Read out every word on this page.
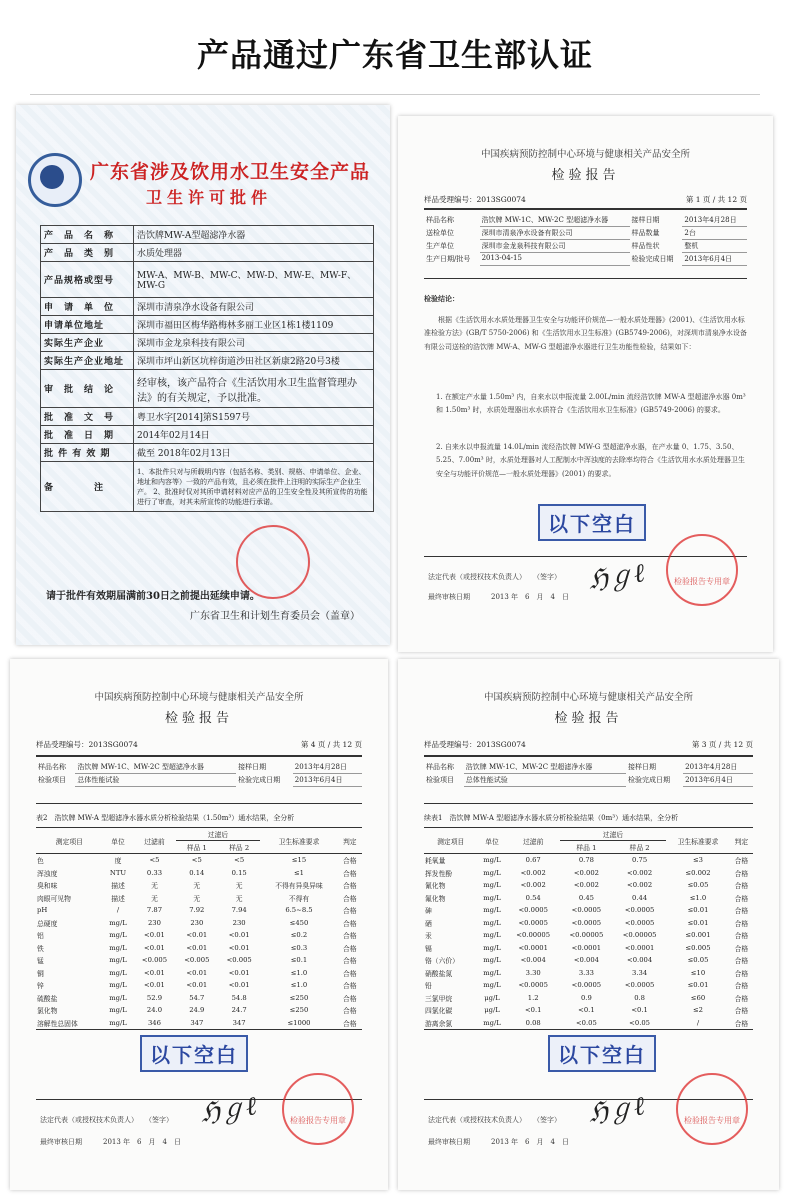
产品通过广东省卫生部认证
广东省涉及饮用水卫生安全产品
卫生许可批件
产　品　名　称	浩饮牌MW-A型超滤净水器
产　品　类　别	水质处理器
产品规格或型号	MW-A、MW-B、MW-C、MW-D、MW-E、MW-F、MW-G
申　请　单　位	深圳市清泉净水设备有限公司
申请单位地址	深圳市福田区梅华路梅林多丽工业区1栋1楼1109
实际生产企业	深圳市金龙泉科技有限公司
实际生产企业地址	深圳市坪山新区坑梓街道沙田社区新康2路20号3楼
审　批　结　论	经审核，该产品符合《生活饮用水卫生监督管理办法》的有关规定，予以批准。
批　准　文　号	粤卫水字[2014]第S1597号
批　准　日　期	2014年02月14日
批 件 有 效 期	截至 2018年02月13日
备　　　　注	1、本批件只对与所载明内容（包括名称、类别、规格、申请单位、企业、地址和内容等）一致的产品有效，且必须在批件上注明的实际生产企业生产。 2、批准时仅对其所申请材料对应产品的卫生安全性及其所宣传的功能进行了审查，对其未所宣传的功能进行承诺。
请于批件有效期届满前30日之前提出延续申请。
广东省卫生和计划生育委员会（盖章）
中国疾病预防控制中心环境与健康相关产品安全所
检验报告
样品受理编号：2013SG0074	第 1 页 / 共 12 页
样品名称	浩饮牌 MW-1C、MW-2C 型超滤净水器	接样日期	2013年4月28日
送检单位	深圳市清泉净水设备有限公司	样品数量	2台
生产单位	深圳市金龙泉科技有限公司	样品性状	整机
生产日期/批号	2013-04-15	检验完成日期	2013年6月4日
检验结论：
根据《生活饮用水水质处理器卫生安全与功能评价规范—一般水质处理器》(2001)、《生活饮用水标准检验方法》(GB/T 5750-2006) 和《生活饮用水卫生标准》(GB5749-2006)，对深圳市清泉净水设备有限公司送检的浩饮牌 MW-A、MW-G 型超滤净水器进行卫生功能性检验，结果如下：
1. 在额定产水量 1.50m³ 内，自来水以申报流量 2.00L/min 流经浩饮牌 MW-A 型超滤净水器 0m³ 和 1.50m³ 时，水质处理器出水水质符合《生活饮用水卫生标准》(GB5749-2006) 的要求。
2. 自来水以申报流量 14.0L/min 流经浩饮牌 MW-G 型超滤净水器，在产水量 0、1.75、3.50、5.25、7.00m³ 时，水质处理器对人工配制水中浑浊度的去除率均符合《生活饮用水水质处理器卫生安全与功能评价规范—一般水质处理器》(2001) 的要求。
以下空白
法定代表（或授权技术负责人）　　（签字） ℌℊℓ
最终审核日期　　　2013 年　6　月　4　日
检验报告专用章
中国疾病预防控制中心环境与健康相关产品安全所
检验报告
样品受理编号：2013SG0074	第 4 页 / 共 12 页
样品名称	浩饮牌 MW-1C、MW-2C 型超滤净水器	接样日期	2013年4月28日
检验项目	总体性能试验	检验完成日期	2013年6月4日
表2　浩饮牌 MW-A 型超滤净水器水质分析检验结果（1.50m³）通水结果，全分析
测定项目	单位	过滤前	过滤后		卫生标准要求	判定
			样品 1	样品 2		
色	度	<5	<5	<5	≤15	合格
浑浊度	NTU	0.33	0.14	0.15	≤1	合格
臭和味	描述	无	无	无	不得有异臭异味	合格
肉眼可见物	描述	无	无	无	不得有	合格
pH	/	7.87	7.92	7.94	6.5~8.5	合格
总硬度	mg/L	230	230	230	≤450	合格
铝	mg/L	<0.01	<0.01	<0.01	≤0.2	合格
铁	mg/L	<0.01	<0.01	<0.01	≤0.3	合格
锰	mg/L	<0.005	<0.005	<0.005	≤0.1	合格
铜	mg/L	<0.01	<0.01	<0.01	≤1.0	合格
锌	mg/L	<0.01	<0.01	<0.01	≤1.0	合格
硫酸盐	mg/L	52.9	54.7	54.8	≤250	合格
氯化物	mg/L	24.0	24.9	24.7	≤250	合格
溶解性总固体	mg/L	346	347	347	≤1000	合格
以下空白
法定代表（或授权技术负责人）　　（签字） ℌℊℓ
最终审核日期　　　2013 年　6　月　4　日
检验报告专用章
中国疾病预防控制中心环境与健康相关产品安全所
检验报告
样品受理编号：2013SG0074	第 3 页 / 共 12 页
样品名称	浩饮牌 MW-1C、MW-2C 型超滤净水器	接样日期	2013年4月28日
检验项目	总体性能试验	检验完成日期	2013年6月4日
续表1　浩饮牌 MW-A 型超滤净水器水质分析检验结果（0m³）通水结果，全分析
测定项目	单位	过滤前	过滤后		卫生标准要求	判定
			样品 1	样品 2		
耗氧量	mg/L	0.67	0.78	0.75	≤3	合格
挥发性酚	mg/L	<0.002	<0.002	<0.002	≤0.002	合格
氰化物	mg/L	<0.002	<0.002	<0.002	≤0.05	合格
氟化物	mg/L	0.54	0.45	0.44	≤1.0	合格
砷	mg/L	<0.0005	<0.0005	<0.0005	≤0.01	合格
硒	mg/L	<0.0005	<0.0005	<0.0005	≤0.01	合格
汞	mg/L	<0.00005	<0.00005	<0.00005	≤0.001	合格
镉	mg/L	<0.0001	<0.0001	<0.0001	≤0.005	合格
铬（六价）	mg/L	<0.004	<0.004	<0.004	≤0.05	合格
硝酸盐氮	mg/L	3.30	3.33	3.34	≤10	合格
铅	mg/L	<0.0005	<0.0005	<0.0005	≤0.01	合格
三氯甲烷	μg/L	1.2	0.9	0.8	≤60	合格
四氯化碳	μg/L	<0.1	<0.1	<0.1	≤2	合格
游离余氯	mg/L	0.08	<0.05	<0.05	/	合格
以下空白
法定代表（或授权技术负责人）　　（签字） ℌℊℓ
最终审核日期　　　2013 年　6　月　4　日
检验报告专用章
